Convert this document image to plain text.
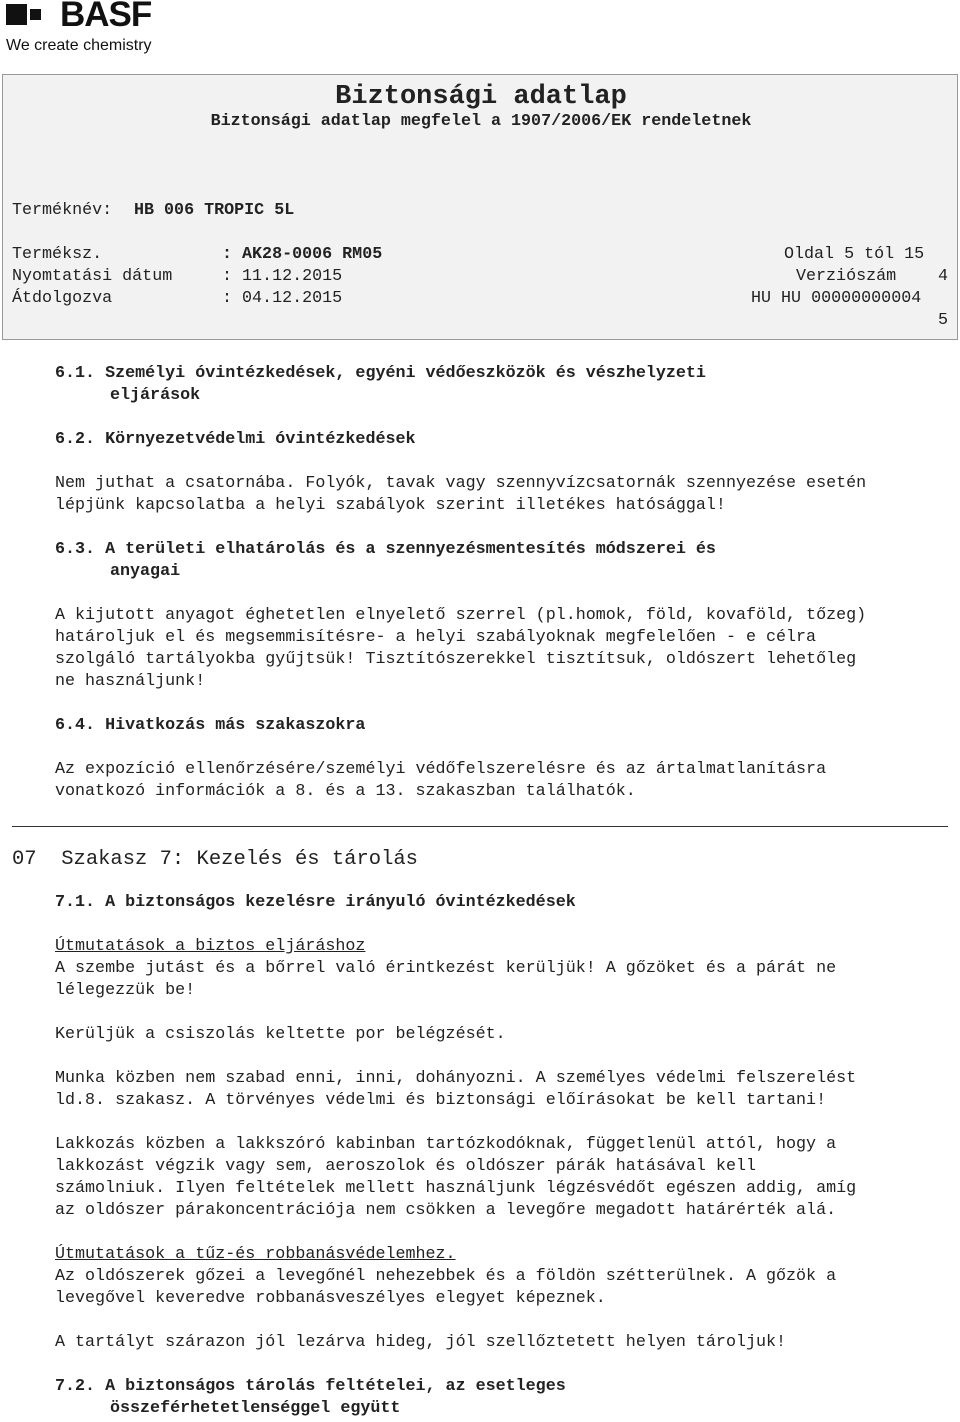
BASF
We create chemistry
Biztonsági adatlap
Biztonsági adatlap megfelel a 1907/2006/EK rendeletnek
Terméknév: HB 006 TROPIC 5L
Terméksz.	: AK28-0006 RM05	Oldal 5 tól 15
Nyomtatási dátum	: 11.12.2015	Verziószám	4
Átdolgozva	: 04.12.2015	HU HU 00000000004
5
6.1. Személyi óvintézkedések, egyéni védőeszközök és vészhelyzeti
eljárások
6.2. Környezetvédelmi óvintézkedések
Nem juthat a csatornába. Folyók, tavak vagy szennyvízcsatornák szennyezése esetén
lépjünk kapcsolatba a helyi szabályok szerint illetékes hatósággal!
6.3. A területi elhatárolás és a szennyezésmentesítés módszerei és
anyagai
A kijutott anyagot éghetetlen elnyelető szerrel (pl.homok, föld, kovaföld, tőzeg)
határoljuk el és megsemmisítésre- a helyi szabályoknak megfelelően - e célra
szolgáló tartályokba gyűjtsük! Tisztítószerekkel tisztítsuk, oldószert lehetőleg
ne használjunk!
6.4. Hivatkozás más szakaszokra
Az expozíció ellenőrzésére/személyi védőfelszerelésre és az ártalmatlanításra
vonatkozó információk a 8. és a 13. szakaszban találhatók.
07 Szakasz 7: Kezelés és tárolás
7.1. A biztonságos kezelésre irányuló óvintézkedések
Útmutatások a biztos eljáráshoz
A szembe jutást és a bőrrel való érintkezést kerüljük! A gőzöket és a párát ne
lélegezzük be!
Kerüljük a csiszolás keltette por belégzését.
Munka közben nem szabad enni, inni, dohányozni. A személyes védelmi felszerelést
ld.8. szakasz. A törvényes védelmi és biztonsági előírásokat be kell tartani!
Lakkozás közben a lakkszóró kabinban tartózkodóknak, függetlenül attól, hogy a
lakkozást végzik vagy sem, aeroszolok és oldószer párák hatásával kell
számolniuk. Ilyen feltételek mellett használjunk légzésvédőt egészen addig, amíg
az oldószer párakoncentrációja nem csökken a levegőre megadott határérték alá.
Útmutatások a tűz-és robbanásvédelemhez.
Az oldószerek gőzei a levegőnél nehezebbek és a földön szétterülnek. A gőzök a
levegővel keveredve robbanásveszélyes elegyet képeznek.
A tartályt szárazon jól lezárva hideg, jól szellőztetett helyen tároljuk!
7.2. A biztonságos tárolás feltételei, az esetleges
összeférhetetlenséggel együtt
